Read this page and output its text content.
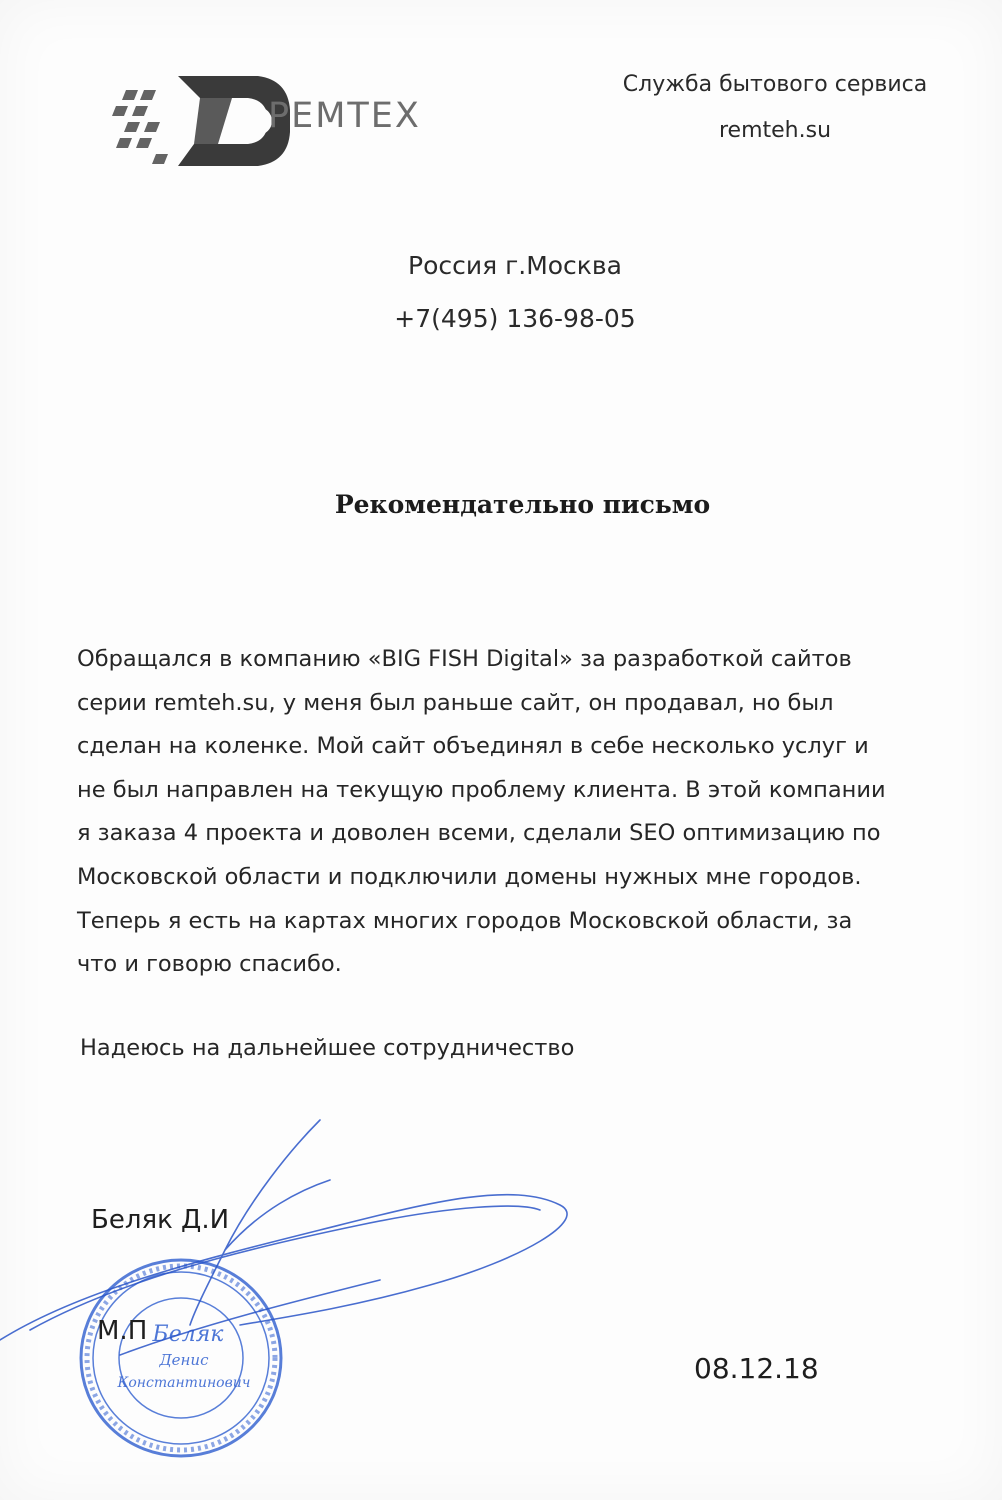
РЕМТЕХ
Служба бытового сервиса
remteh.su
Россия г.Москва
+7(495) 136-98-05
Рекомендательно письмо
Обращался в компанию «BIG FISH Digital» за разработкой сайтов
серии remteh.su, у меня был раньше сайт, он продавал, но был
сделан на коленке. Мой сайт объединял в себе несколько услуг и
не был направлен на текущую проблему клиента. В этой компании
я заказа 4 проекта и доволен всеми, сделали SEO оптимизацию по
Московской области и подключили домены нужных мне городов.
Теперь я есть на картах многих городов Московской области, за
что и говорю спасибо.
Надеюсь на дальнейшее сотрудничество
Беляк Д.И
Беляк
Денис
Константинович
М.П
08.12.18
